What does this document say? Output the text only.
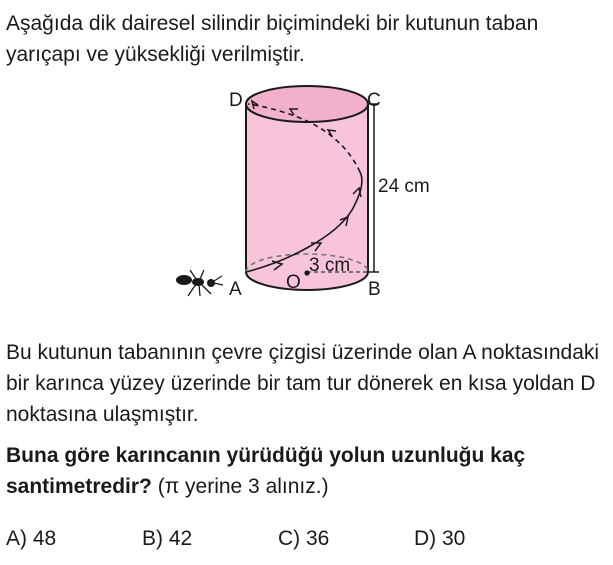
Aşağıda dik dairesel silindir biçimindeki bir kutunun taban yarıçapı ve yüksekliği verilmiştir.
D	C
A	B
O
3 cm
24 cm
Bu kutunun tabanının çevre çizgisi üzerinde olan A noktasındaki bir karınca yüzey üzerinde bir tam tur dönerek en kısa yoldan D noktasına ulaşmıştır.
Buna göre karıncanın yürüdüğü yolun uzunluğu kaç santimetredir? (π yerine 3 alınız.)
A) 48	B) 42	C) 36	D) 30
